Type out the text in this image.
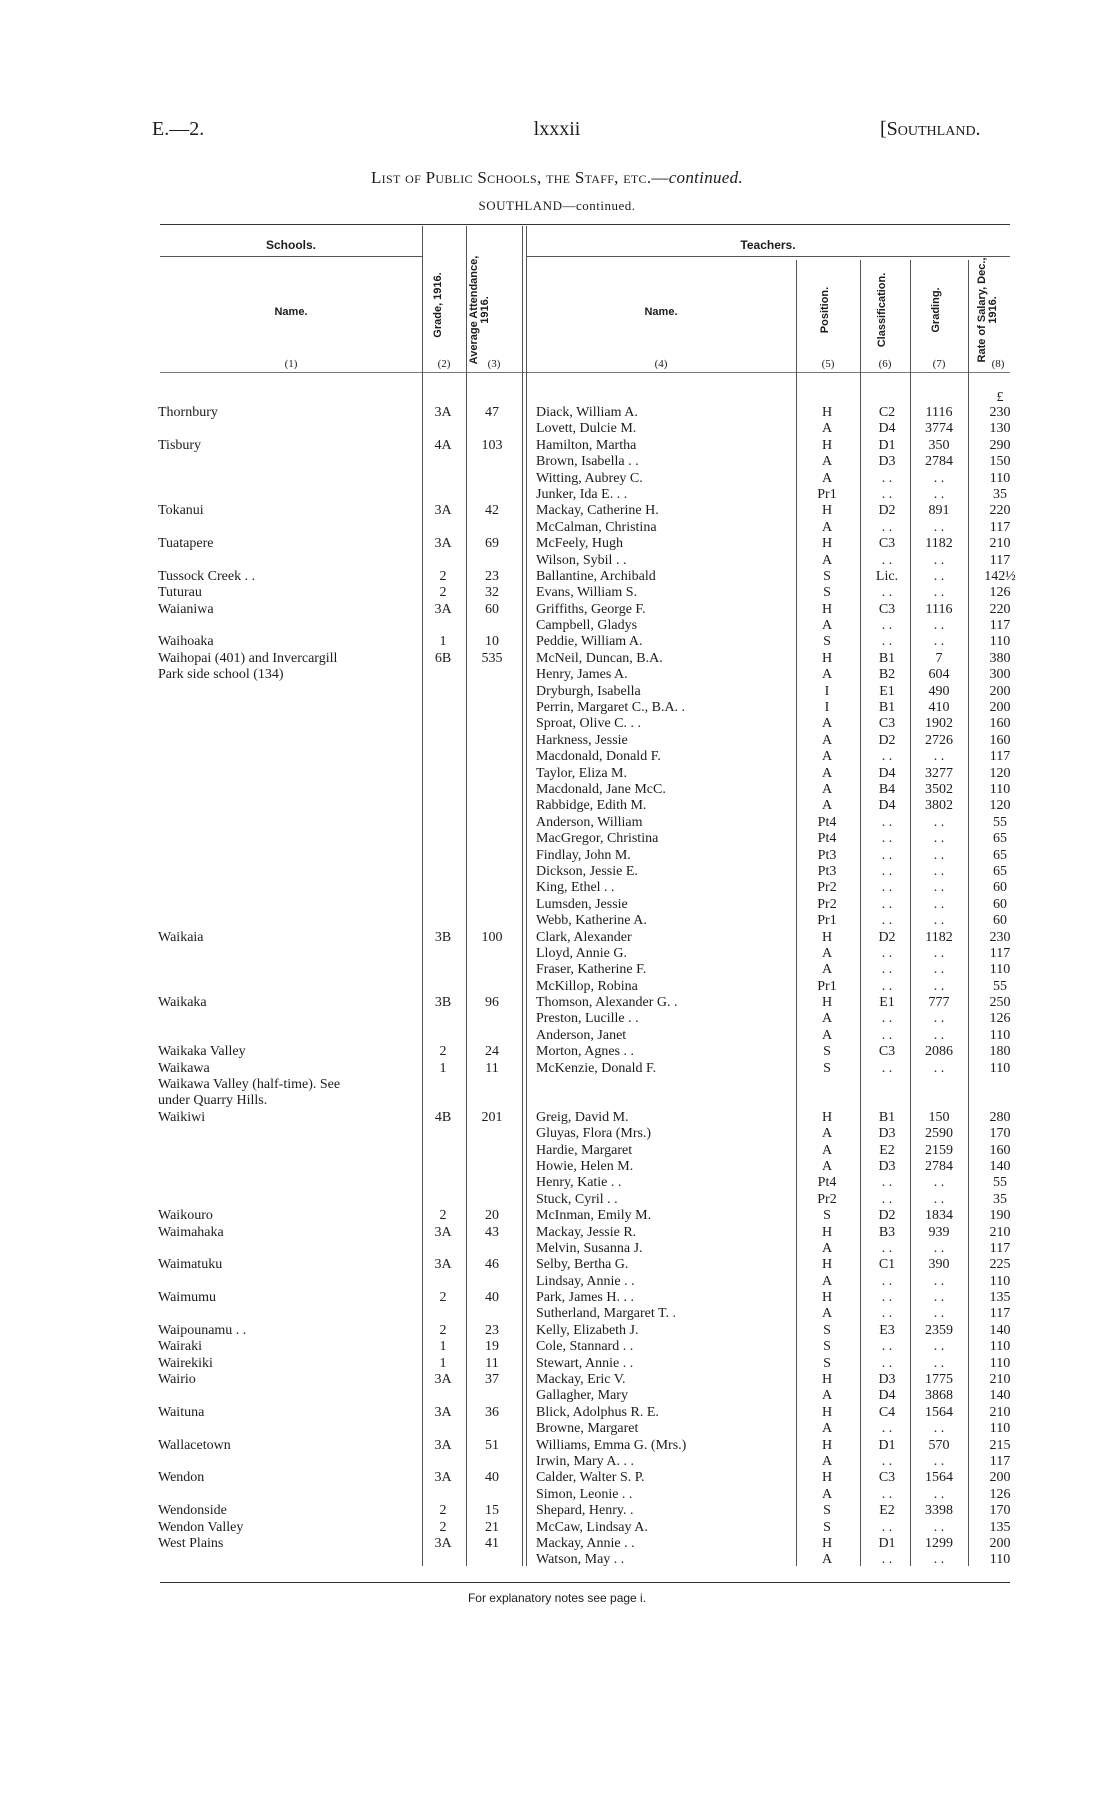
E.—2.	lxxxii	[Southland.
List of Public Schools, the Staff, etc.—continued.
SOUTHLAND—continued.
Schools.	Teachers.
Name.	Grade, 1916.	Average Attendance, 1916.	Name.	Position.	Classification.	Grading.	Rate of Salary, Dec., 1916.
(1)	(2)	(3)	(4)	(5)	(6)	(7)	(8)
£
Thornbury	3A	47	Diack, William A.	H	C2	1116	230
Lovett, Dulcie M.	A	D4	3774	130
Tisbury	4A	103	Hamilton, Martha	H	D1	350	290
Brown, Isabella . .	A	D3	2784	150
Witting, Aubrey C.	A	. .	. .	110
Junker, Ida E. . .	Pr1	. .	. .	35
Tokanui	3A	42	Mackay, Catherine H.	H	D2	891	220
McCalman, Christina	A	. .	. .	117
Tuatapere	3A	69	McFeely, Hugh	H	C3	1182	210
Wilson, Sybil . .	A	. .	. .	117
Tussock Creek . .	2	23	Ballantine, Archibald	S	Lic.	. .	142½
Tuturau	2	32	Evans, William S.	S	. .	. .	126
Waianiwa	3A	60	Griffiths, George F.	H	C3	1116	220
Campbell, Gladys	A	. .	. .	117
Waihoaka	1	10	Peddie, William A.	S	. .	. .	110
Waihopai (401) and Invercargill	6B	535	McNeil, Duncan, B.A.	H	B1	7	380
Park side school (134)	Henry, James A.	A	B2	604	300
Dryburgh, Isabella	I	E1	490	200
Perrin, Margaret C., B.A. .	I	B1	410	200
Sproat, Olive C. . .	A	C3	1902	160
Harkness, Jessie	A	D2	2726	160
Macdonald, Donald F.	A	. .	. .	117
Taylor, Eliza M.	A	D4	3277	120
Macdonald, Jane McC.	A	B4	3502	110
Rabbidge, Edith M.	A	D4	3802	120
Anderson, William	Pt4	. .	. .	55
MacGregor, Christina	Pt4	. .	. .	65
Findlay, John M.	Pt3	. .	. .	65
Dickson, Jessie E.	Pt3	. .	. .	65
King, Ethel . .	Pr2	. .	. .	60
Lumsden, Jessie	Pr2	. .	. .	60
Webb, Katherine A.	Pr1	. .	. .	60
Waikaia	3B	100	Clark, Alexander	H	D2	1182	230
Lloyd, Annie G.	A	. .	. .	117
Fraser, Katherine F.	A	. .	. .	110
McKillop, Robina	Pr1	. .	. .	55
Waikaka	3B	96	Thomson, Alexander G. .	H	E1	777	250
Preston, Lucille . .	A	. .	. .	126
Anderson, Janet	A	. .	. .	110
Waikaka Valley	2	24	Morton, Agnes . .	S	C3	2086	180
Waikawa	1	11	McKenzie, Donald F.	S	. .	. .	110
Waikawa Valley (half-time). See
under Quarry Hills.
Waikiwi	4B	201	Greig, David M.	H	B1	150	280
Gluyas, Flora (Mrs.)	A	D3	2590	170
Hardie, Margaret	A	E2	2159	160
Howie, Helen M.	A	D3	2784	140
Henry, Katie . .	Pt4	. .	. .	55
Stuck, Cyril . .	Pr2	. .	. .	35
Waikouro	2	20	McInman, Emily M.	S	D2	1834	190
Waimahaka	3A	43	Mackay, Jessie R.	H	B3	939	210
Melvin, Susanna J.	A	. .	. .	117
Waimatuku	3A	46	Selby, Bertha G.	H	C1	390	225
Lindsay, Annie . .	A	. .	. .	110
Waimumu	2	40	Park, James H. . .	H	. .	. .	135
Sutherland, Margaret T. .	A	. .	. .	117
Waipounamu . .	2	23	Kelly, Elizabeth J.	S	E3	2359	140
Wairaki	1	19	Cole, Stannard . .	S	. .	. .	110
Wairekiki	1	11	Stewart, Annie . .	S	. .	. .	110
Wairio	3A	37	Mackay, Eric V.	H	D3	1775	210
Gallagher, Mary	A	D4	3868	140
Waituna	3A	36	Blick, Adolphus R. E.	H	C4	1564	210
Browne, Margaret	A	. .	. .	110
Wallacetown	3A	51	Williams, Emma G. (Mrs.)	H	D1	570	215
Irwin, Mary A. . .	A	. .	. .	117
Wendon	3A	40	Calder, Walter S. P.	H	C3	1564	200
Simon, Leonie . .	A	. .	. .	126
Wendonside	2	15	Shepard, Henry. .	S	E2	3398	170
Wendon Valley	2	21	McCaw, Lindsay A.	S	. .	. .	135
West Plains	3A	41	Mackay, Annie . .	H	D1	1299	200
Watson, May . .	A	. .	. .	110
For explanatory notes see page i.
